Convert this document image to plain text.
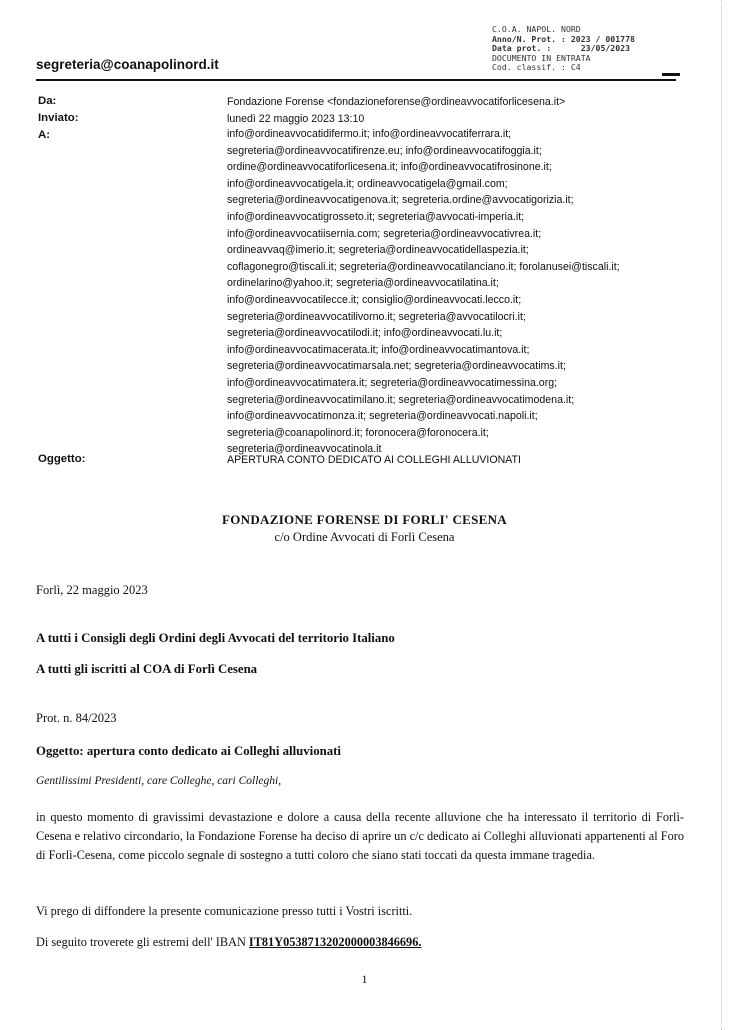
C.O.A. NAPOL. NORD
Anno/N. Prot. : 2023 / 001778
Data prot. :      23/05/2023
DOCUMENTO IN ENTRATA
Cod. classif. : C4
segreteria@coanapolinord.it
Da:	Fondazione Forense <fondazioneforense@ordineavvocatiforlicesena.it>
Inviato:	lunedì 22 maggio 2023 13:10
A:	info@ordineavvocatidifermo.it; info@ordineavvocatiferrara.it;
segreteria@ordineavvocatifirenze.eu; info@ordineavvocatifoggia.it;
ordine@ordineavvocatiforlicesena.it; info@ordineavvocatifrosinone.it;
info@ordineavvocatigela.it; ordineavvocatigela@gmail.com;
segreteria@ordineavvocatigenova.it; segreteria.ordine@avvocatigorizia.it;
info@ordineavvocatigrosseto.it; segreteria@avvocati-imperia.it;
info@ordineavvocatiisernia.com; segreteria@ordineavvocativrea.it;
ordineavvaq@imerio.it; segreteria@ordineavvocatidellaspezia.it;
coflagonegro@tiscali.it; segreteria@ordineavvocatilanciano.it; forolanusei@tiscali.it;
ordinelarino@yahoo.it; segreteria@ordineavvocatilatina.it;
info@ordineavvocatilecce.it; consiglio@ordineavvocati.lecco.it;
segreteria@ordineavvocatilivorno.it; segreteria@avvocatilocri.it;
segreteria@ordineavvocatilodi.it; info@ordineavvocati.lu.it;
info@ordineavvocatimacerata.it; info@ordineavvocatimantova.it;
segreteria@ordineavvocatimarsala.net; segreteria@ordineavvocatims.it;
info@ordineavvocatimatera.it; segreteria@ordineavvocatimessina.org;
segreteria@ordineavvocatimilano.it; segreteria@ordineavvocatimodena.it;
info@ordineavvocatimonza.it; segreteria@ordineavvocati.napoli.it;
segreteria@coanapolinord.it; foronocera@foronocera.it;
segreteria@ordineavvocatinola.it
Oggetto:	APERTURA CONTO DEDICATO AI COLLEGHI ALLUVIONATI
FONDAZIONE FORENSE DI FORLI' CESENA
c/o Ordine Avvocati di Forlì Cesena
Forlì, 22 maggio 2023
A tutti i Consigli degli Ordini degli Avvocati del territorio Italiano
A tutti gli iscritti al COA di Forlì Cesena
Prot. n. 84/2023
Oggetto: apertura conto dedicato ai Colleghi alluvionati
Gentilissimi Presidenti, care Colleghe, cari Colleghi,
in questo momento di gravissimi devastazione e dolore a causa della recente alluvione che ha interessato il territorio di Forlì-Cesena e relativo circondario, la Fondazione Forense ha deciso di aprire un c/c dedicato ai Colleghi alluvionati appartenenti al Foro di Forlì-Cesena, come piccolo segnale di sostegno a tutti coloro che siano stati toccati da questa immane tragedia.
Vi prego di diffondere la presente comunicazione presso tutti i Vostri iscritti.
Di seguito troverete gli estremi dell' IBAN IT81Y0538713202000003846696.
1
